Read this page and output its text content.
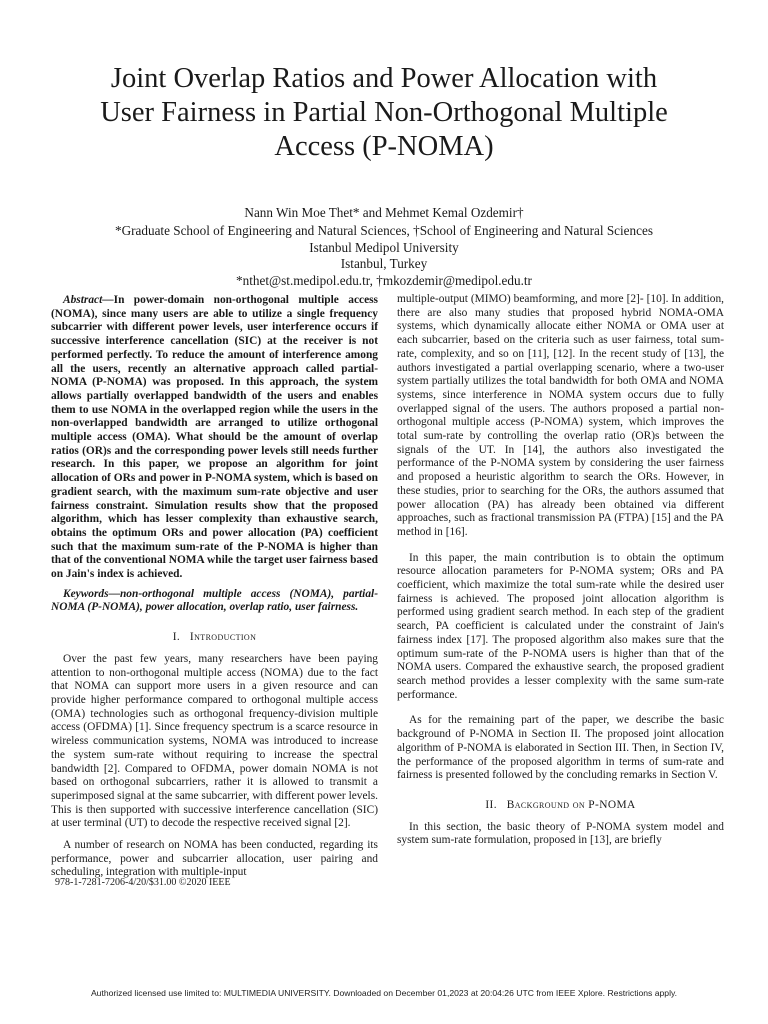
Joint Overlap Ratios and Power Allocation with
User Fairness in Partial Non-Orthogonal Multiple
Access (P-NOMA)
Nann Win Moe Thet* and Mehmet Kemal Ozdemir†
*Graduate School of Engineering and Natural Sciences, †School of Engineering and Natural Sciences
Istanbul Medipol University
Istanbul, Turkey
*nthet@st.medipol.edu.tr, †mkozdemir@medipol.edu.tr

Abstract—In power-domain non-orthogonal multiple access (NOMA), since many users are able to utilize a single frequency subcarrier with different power levels, user interference occurs if successive interference cancellation (SIC) at the receiver is not performed perfectly. To reduce the amount of interference among all the users, recently an alternative approach called partial-NOMA (P-NOMA) was proposed. In this approach, the system allows partially overlapped bandwidth of the users and enables them to use NOMA in the overlapped region while the users in the non-overlapped bandwidth are arranged to utilize orthogonal multiple access (OMA). What should be the amount of overlap ratios (OR)s and the corresponding power levels still needs further research. In this paper, we propose an algorithm for joint allocation of ORs and power in P-NOMA system, which is based on gradient search, with the maximum sum-rate objective and user fairness constraint. Simulation results show that the proposed algorithm, which has lesser complexity than exhaustive search, obtains the optimum ORs and power allocation (PA) coefficient such that the maximum sum-rate of the P-NOMA is higher than that of the conventional NOMA while the target user fairness based on Jain's index is achieved.

Keywords—non-orthogonal multiple access (NOMA), partial-NOMA (P-NOMA), power allocation, overlap ratio, user fairness.

I. Introduction

Over the past few years, many researchers have been paying attention to non-orthogonal multiple access (NOMA) due to the fact that NOMA can support more users in a given resource and can provide higher performance compared to orthogonal multiple access (OMA) technologies such as orthogonal frequency-division multiple access (OFDMA) [1]. Since frequency spectrum is a scarce resource in wireless communication systems, NOMA was introduced to increase the system sum-rate without requiring to increase the spectral bandwidth [2]. Compared to OFDMA, power domain NOMA is not based on orthogonal subcarriers, rather it is allowed to transmit a superimposed signal at the same subcarrier, with different power levels. This is then supported with successive interference cancellation (SIC) at user terminal (UT) to decode the respective received signal [2].

A number of research on NOMA has been conducted, regarding its performance, power and subcarrier allocation, user pairing and scheduling, integration with multiple-input

multiple-output (MIMO) beamforming, and more [2]- [10]. In addition, there are also many studies that proposed hybrid NOMA-OMA systems, which dynamically allocate either NOMA or OMA user at each subcarrier, based on the criteria such as user fairness, total sum-rate, complexity, and so on [11], [12]. In the recent study of [13], the authors investigated a partial overlapping scenario, where a two-user system partially utilizes the total bandwidth for both OMA and NOMA systems, since interference in NOMA system occurs due to fully overlapped signal of the users. The authors proposed a partial non-orthogonal multiple access (P-NOMA) system, which improves the total sum-rate by controlling the overlap ratio (OR)s between the signals of the UT. In [14], the authors also investigated the performance of the P-NOMA system by considering the user fairness and proposed a heuristic algorithm to search the ORs. However, in these studies, prior to searching for the ORs, the authors assumed that power allocation (PA) has already been obtained via different approaches, such as fractional transmission PA (FTPA) [15] and the PA method in [16].

In this paper, the main contribution is to obtain the optimum resource allocation parameters for P-NOMA system; ORs and PA coefficient, which maximize the total sum-rate while the desired user fairness is achieved. The proposed joint allocation algorithm is performed using gradient search method. In each step of the gradient search, PA coefficient is calculated under the constraint of Jain's fairness index [17]. The proposed algorithm also makes sure that the optimum sum-rate of the P-NOMA users is higher than that of the NOMA users. Compared the exhaustive search, the proposed gradient search method provides a lesser complexity with the same sum-rate performance.

As for the remaining part of the paper, we describe the basic background of P-NOMA in Section II. The proposed joint allocation algorithm of P-NOMA is elaborated in Section III. Then, in Section IV, the performance of the proposed algorithm in terms of sum-rate and fairness is presented followed by the concluding remarks in Section V.

II. Background on P-NOMA

In this section, the basic theory of P-NOMA system model and system sum-rate formulation, proposed in [13], are briefly

978-1-7281-7206-4/20/$31.00 ©2020 IEEE
Authorized licensed use limited to: MULTIMEDIA UNIVERSITY. Downloaded on December 01,2023 at 20:04:26 UTC from IEEE Xplore. Restrictions apply.
